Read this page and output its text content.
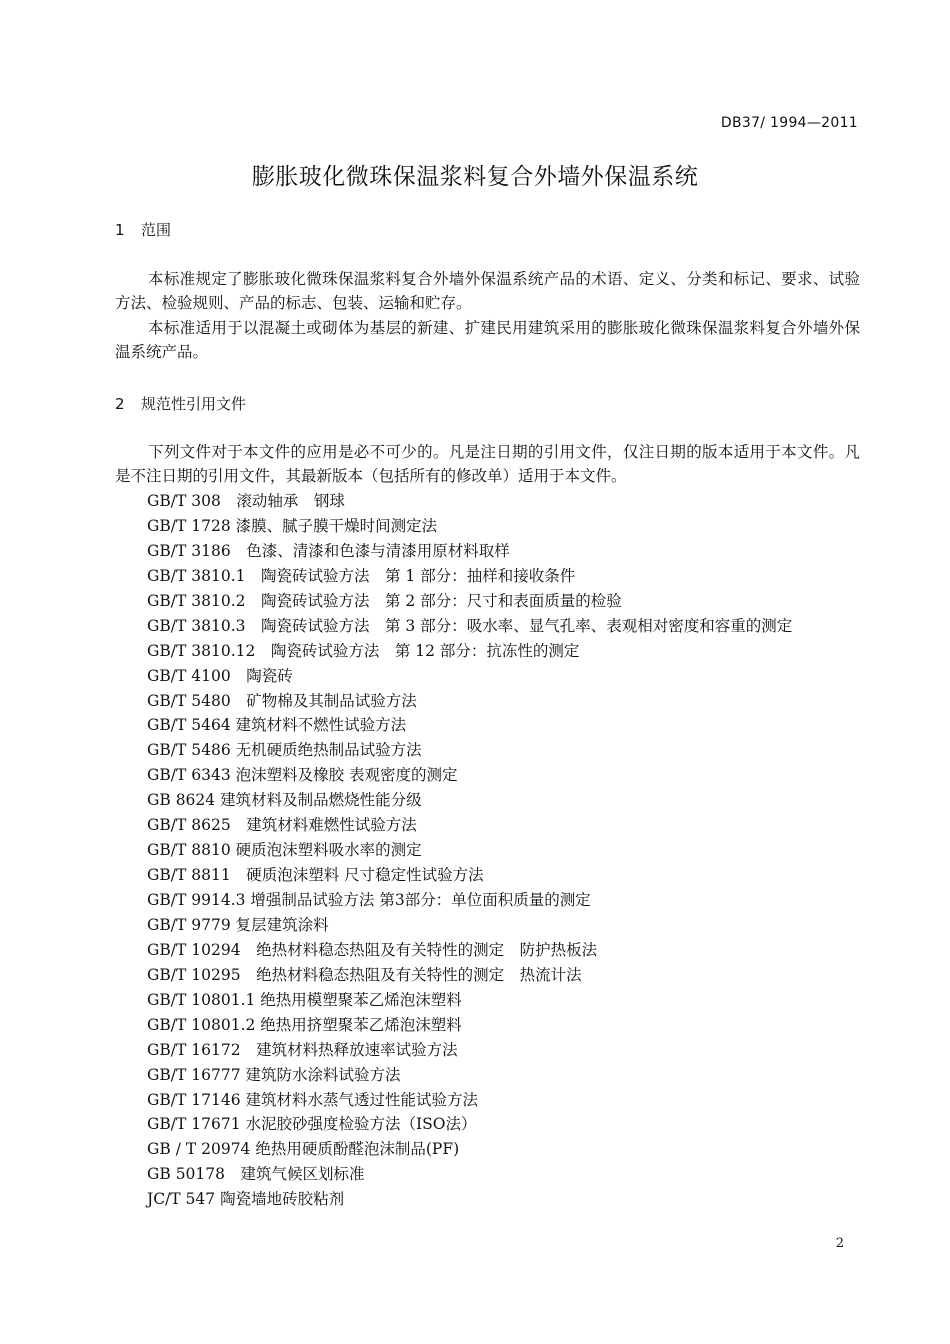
DB37/ 1994—2011
膨胀玻化微珠保温浆料复合外墙外保温系统
1 范围
本标准规定了膨胀玻化微珠保温浆料复合外墙外保温系统产品的术语、定义、分类和标记、要求、试验方法、检验规则、产品的标志、包装、运输和贮存。
本标准适用于以混凝土或砌体为基层的新建、扩建民用建筑采用的膨胀玻化微珠保温浆料复合外墙外保温系统产品。
2 规范性引用文件
下列文件对于本文件的应用是必不可少的。凡是注日期的引用文件，仅注日期的版本适用于本文件。凡是不注日期的引用文件，其最新版本（包括所有的修改单）适用于本文件。
GB/T 308　滚动轴承　钢球
GB/T 1728 漆膜、腻子膜干燥时间测定法
GB/T 3186　色漆、清漆和色漆与清漆用原材料取样
GB/T 3810.1　陶瓷砖试验方法　第 1 部分：抽样和接收条件
GB/T 3810.2　陶瓷砖试验方法　第 2 部分：尺寸和表面质量的检验
GB/T 3810.3　陶瓷砖试验方法　第 3 部分：吸水率、显气孔率、表观相对密度和容重的测定
GB/T 3810.12　陶瓷砖试验方法　第 12 部分：抗冻性的测定
GB/T 4100　陶瓷砖
GB/T 5480　矿物棉及其制品试验方法
GB/T 5464 建筑材料不燃性试验方法
GB/T 5486 无机硬质绝热制品试验方法
GB/T 6343 泡沫塑料及橡胶 表观密度的测定
GB 8624 建筑材料及制品燃烧性能分级
GB/T 8625　建筑材料难燃性试验方法
GB/T 8810 硬质泡沫塑料吸水率的测定
GB/T 8811　硬质泡沫塑料 尺寸稳定性试验方法
GB/T 9914.3 增强制品试验方法 第3部分：单位面积质量的测定
GB/T 9779 复层建筑涂料
GB/T 10294　绝热材料稳态热阻及有关特性的测定　防护热板法
GB/T 10295　绝热材料稳态热阻及有关特性的测定　热流计法
GB/T 10801.1 绝热用模塑聚苯乙烯泡沫塑料
GB/T 10801.2 绝热用挤塑聚苯乙烯泡沫塑料
GB/T 16172　建筑材料热释放速率试验方法
GB/T 16777 建筑防水涂料试验方法
GB/T 17146 建筑材料水蒸气透过性能试验方法
GB/T 17671 水泥胶砂强度检验方法（ISO法）
GB / T 20974 绝热用硬质酚醛泡沫制品(PF)
GB 50178　建筑气候区划标准
JC/T 547 陶瓷墙地砖胶粘剂
2
